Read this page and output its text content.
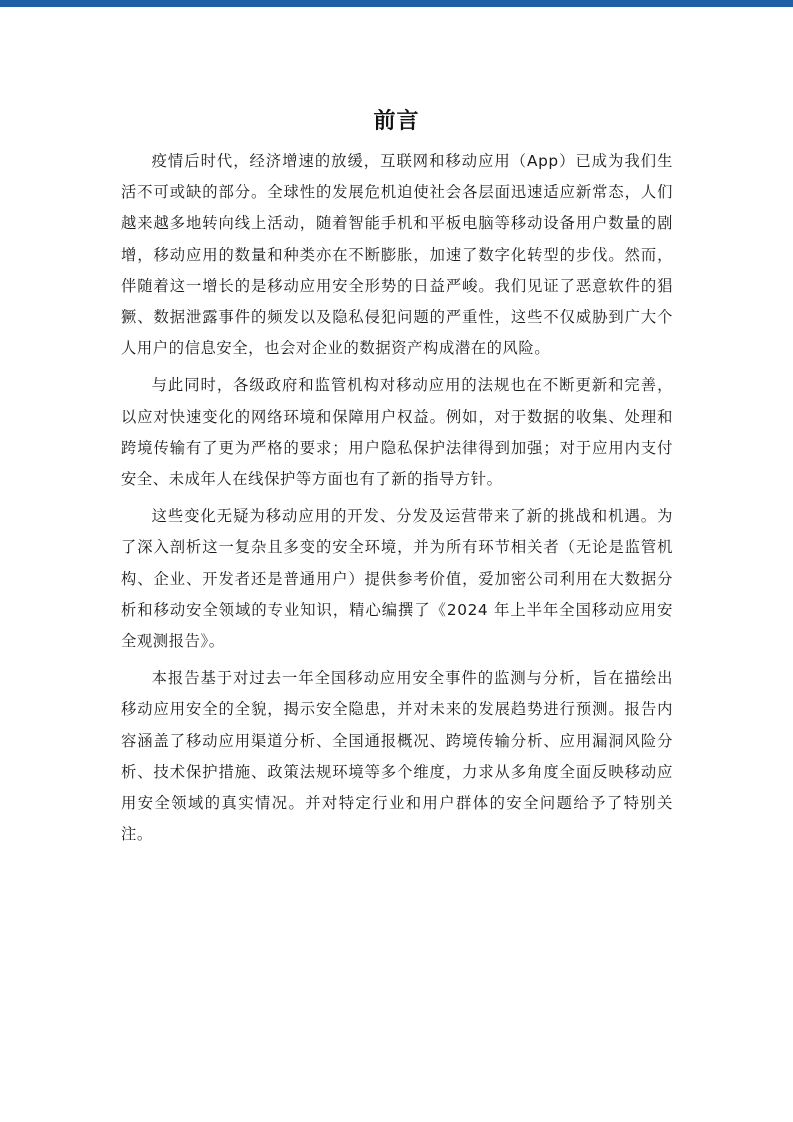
前言

疫情后时代，经济增速的放缓，互联网和移动应用（App）已成为我们生活不可或缺的部分。全球性的发展危机迫使社会各层面迅速适应新常态，人们越来越多地转向线上活动，随着智能手机和平板电脑等移动设备用户数量的剧增，移动应用的数量和种类亦在不断膨胀，加速了数字化转型的步伐。然而，伴随着这一增长的是移动应用安全形势的日益严峻。我们见证了恶意软件的猖獗、数据泄露事件的频发以及隐私侵犯问题的严重性，这些不仅威胁到广大个人用户的信息安全，也会对企业的数据资产构成潜在的风险。

与此同时，各级政府和监管机构对移动应用的法规也在不断更新和完善，以应对快速变化的网络环境和保障用户权益。例如，对于数据的收集、处理和跨境传输有了更为严格的要求；用户隐私保护法律得到加强；对于应用内支付安全、未成年人在线保护等方面也有了新的指导方针。

这些变化无疑为移动应用的开发、分发及运营带来了新的挑战和机遇。为了深入剖析这一复杂且多变的安全环境，并为所有环节相关者（无论是监管机构、企业、开发者还是普通用户）提供参考价值，爱加密公司利用在大数据分析和移动安全领域的专业知识，精心编撰了《2024 年上半年全国移动应用安全观测报告》。

本报告基于对过去一年全国移动应用安全事件的监测与分析，旨在描绘出移动应用安全的全貌，揭示安全隐患，并对未来的发展趋势进行预测。报告内容涵盖了移动应用渠道分析、全国通报概况、跨境传输分析、应用漏洞风险分析、技术保护措施、政策法规环境等多个维度，力求从多角度全面反映移动应用安全领域的真实情况。并对特定行业和用户群体的安全问题给予了特别关注。
